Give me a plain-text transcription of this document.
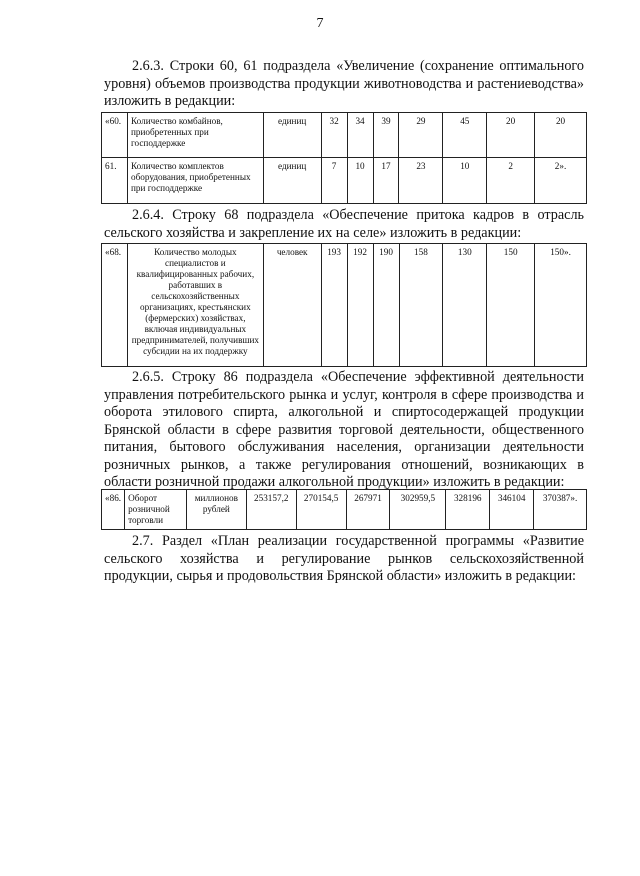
7
2.6.3. Строки 60, 61 подраздела «Увеличение (сохранение оптимального уровня) объемов производства продукции животноводства и растениеводства» изложить в редакции:
«60.	Количество комбайнов, приобретенных при господдержке	единиц	32	34	39	29	45	20	20
61.	Количество комплектов оборудования, приобретенных при господдержке	единиц	7	10	17	23	10	2	2».
2.6.4. Строку 68 подраздела «Обеспечение притока кадров в отрасль сельского хозяйства и закрепление их на селе» изложить в редакции:
«68.	Количество молодых специалистов и квалифицированных рабочих, работавших в сельскохозяйственных организациях, крестьянских (фермерских) хозяйствах, включая индивидуальных предпринимателей, получивших субсидии на их поддержку	человек	193	192	190	158	130	150	150».
2.6.5. Строку 86 подраздела «Обеспечение эффективной деятельности управления потребительского рынка и услуг, контроля в сфере производства и оборота этилового спирта, алкогольной и спиртосодержащей продукции Брянской области в сфере развития торговой деятельности, общественного питания, бытового обслуживания населения, организации деятельности розничных рынков, а также регулирования отношений, возникающих в области розничной продажи алкогольной продукции» изложить в редакции:
«86.	Оборот розничной торговли	миллионов рублей	253157,2	270154,5	267971	302959,5	328196	346104	370387».
2.7. Раздел «План реализации государственной программы «Развитие сельского хозяйства и регулирование рынков сельскохозяйственной продукции, сырья и продовольствия Брянской области» изложить в редакции:
